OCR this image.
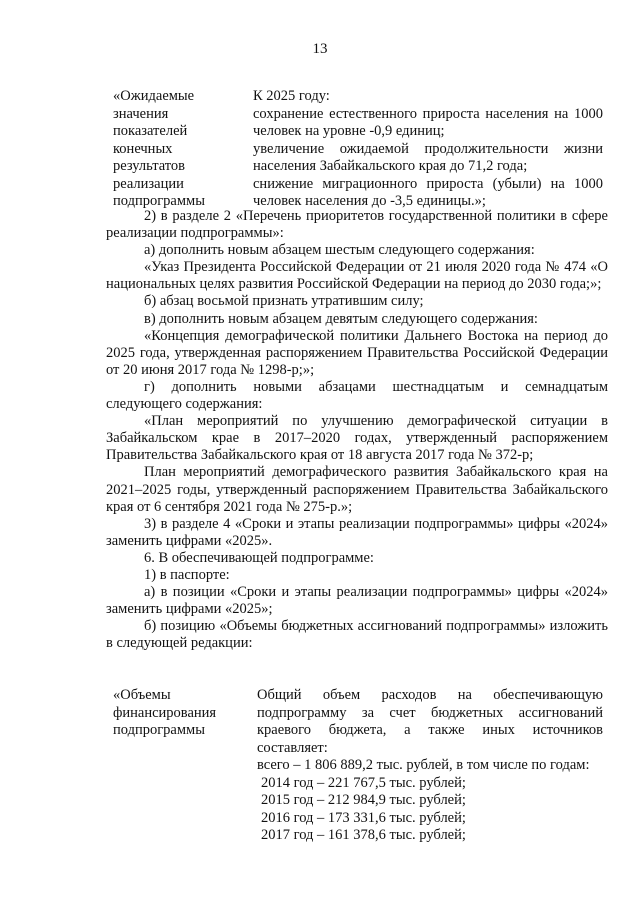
13

«Ожидаемые

значения

показателей

конечных

результатов

реализации

подпрограммы

К 2025 году:

сохранение естественного прироста населения на 1000 человек на уровне -0,9 единиц;

увеличение ожидаемой продолжительности жизни населения Забайкальского края до 71,2 года;

снижение миграционного прироста (убыли) на 1000 человек населения до -3,5 единицы.»;

2) в разделе 2 «Перечень приоритетов государственной политики в сфере реализации подпрограммы»:

а) дополнить новым абзацем шестым следующего содержания:

«Указ Президента Российской Федерации от 21 июля 2020 года № 474 «О национальных целях развития Российской Федерации на период до 2030 года;»;

б) абзац восьмой признать утратившим силу;

в) дополнить новым абзацем девятым следующего содержания:

«Концепция демографической политики Дальнего Востока на период до 2025 года, утвержденная распоряжением Правительства Российской Федерации от 20 июня 2017 года № 1298-р;»;

г) дополнить новыми абзацами шестнадцатым и семнадцатым следующего содержания:

«План мероприятий по улучшению демографической ситуации в Забайкальском крае в 2017–2020 годах, утвержденный распоряжением Правительства Забайкальского края от 18 августа 2017 года № 372-р;

План мероприятий демографического развития Забайкальского края на 2021–2025 годы, утвержденный распоряжением Правительства Забайкальского края от 6 сентября 2021 года № 275-р.»;

3) в разделе 4 «Сроки и этапы реализации подпрограммы» цифры «2024» заменить цифрами «2025».

6. В обеспечивающей подпрограмме:

1) в паспорте:

а) в позиции «Сроки и этапы реализации подпрограммы» цифры «2024» заменить цифрами «2025»;

б) позицию «Объемы бюджетных ассигнований подпрограммы» изложить в следующей редакции:

«Объемы

финансирования

подпрограммы

Общий объем расходов на обеспечивающую подпрограмму за счет бюджетных ассигнований краевого бюджета, а также иных источников составляет:

всего – 1 806 889,2 тыс. рублей, в том числе по годам:

2014 год – 221 767,5 тыс. рублей;

2015 год – 212 984,9 тыс. рублей;

2016 год – 173 331,6 тыс. рублей;

2017 год – 161 378,6 тыс. рублей;
